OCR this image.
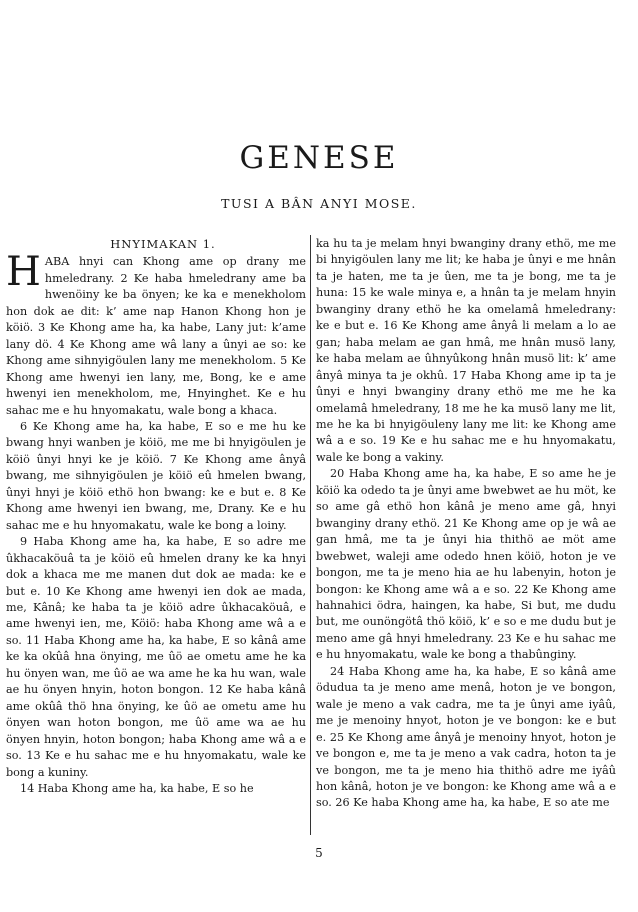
GENESE
TUSI A BÂN ANYI MOSE.
HNYIMAKAN 1.

HABA hnyi can Khong ame op drany me hmeledrany. 2 Ke haba hmeledrany ame ba hwenöiny ke ba önyen; ke ka e menekholom hon dok ae dit: k’ ame nap Hanon Khong hon je köiö. 3 Ke Khong ame ha, ka habe, Lany jut: k’ame lany dö. 4 Ke Khong ame wâ lany a ûnyi ae so: ke Khong ame sihnyigöulen lany me menekholom. 5 Ke Khong ame hwenyi ien lany, me, Bong, ke e ame hwenyi ien menekholom, me, Hnyinghet. Ke e hu sahac me e hu hnyomakatu, wale bong a khaca.

6 Ke Khong ame ha, ka habe, E so e me hu ke bwang hnyi wanben je köiö, me me bi hnyigöulen je köiö ûnyi hnyi ke je köiö. 7 Ke Khong ame ânyâ bwang, me sihnyigöulen je köiö eû hmelen bwang, ûnyi hnyi je köiö ethö hon bwang: ke e but e. 8 Ke Khong ame hwenyi ien bwang, me, Drany. Ke e hu sahac me e hu hnyomakatu, wale ke bong a loiny.

9 Haba Khong ame ha, ka habe, E so adre me ûkhacaköuâ ta je köiö eû hmelen drany ke ka hnyi dok a khaca me me manen dut dok ae mada: ke e but e. 10 Ke Khong ame hwenyi ien dok ae mada, me, Kânâ; ke haba ta je köiö adre ûkhacaköuâ, e ame hwenyi ien, me, Köiö: haba Khong ame wâ a e so. 11 Haba Khong ame ha, ka habe, E so kânâ ame ke ka okûâ hna önying, me ûö ae ometu ame he ka hu önyen wan, me ûö ae wa ame he ka hu wan, wale ae hu önyen hnyin, hoton bongon. 12 Ke haba kânâ ame okûâ thö hna önying, ke ûö ae ometu ame hu önyen wan hoton bongon, me ûö ame wa ae hu önyen hnyin, hoton bongon; haba Khong ame wâ a e so. 13 Ke e hu sahac me e hu hnyomakatu, wale ke bong a kuniny.

14 Haba Khong ame ha, ka habe, E so he

ka hu ta je melam hnyi bwanginy drany ethö, me me bi hnyigöulen lany me lit; ke haba je ûnyi e me hnân ta je haten, me ta je ûen, me ta je bong, me ta je huna: 15 ke wale minya e, a hnân ta je melam hnyin bwanginy drany ethö he ka omelamâ hmeledrany: ke e but e. 16 Ke Khong ame ânyâ li melam a lo ae gan; haba melam ae gan hmâ, me hnân musö lany, ke haba melam ae ûhnyûkong hnân musö lit: k’ ame ânyâ minya ta je okhû. 17 Haba Khong ame ip ta je ûnyi e hnyi bwanginy drany ethö me me he ka omelamâ hmeledrany, 18 me he ka musö lany me lit, me he ka bi hnyigöuleny lany me lit: ke Khong ame wâ a e so. 19 Ke e hu sahac me e hu hnyomakatu, wale ke bong a vakiny.

20 Haba Khong ame ha, ka habe, E so ame he je köiö ka odedo ta je ûnyi ame bwebwet ae hu möt, ke so ame gâ ethö hon kânâ je meno ame gâ, hnyi bwanginy drany ethö. 21 Ke Khong ame op je wâ ae gan hmâ, me ta je ûnyi hia thithö ae möt ame bwebwet, waleji ame odedo hnen köiö, hoton je ve bongon, me ta je meno hia ae hu labenyin, hoton je bongon: ke Khong ame wâ a e so. 22 Ke Khong ame hahnahici ödra, haingen, ka habe, Si but, me dudu but, me ounöngötâ thö köiö, k’ e so e me dudu but je meno ame gâ hnyi hmeledrany. 23 Ke e hu sahac me e hu hnyomakatu, wale ke bong a thabûnginy.

24 Haba Khong ame ha, ka habe, E so kânâ ame ödudua ta je meno ame menâ, hoton je ve bongon, wale je meno a vak cadra, me ta je ûnyi ame iyâû, me je menoiny hnyot, hoton je ve bongon: ke e but e. 25 Ke Khong ame ânyâ je menoiny hnyot, hoton je ve bongon e, me ta je meno a vak cadra, hoton ta je ve bongon, me ta je meno hia thithö adre me iyâû hon kânâ, hoton je ve bongon: ke Khong ame wâ a e so. 26 Ke haba Khong ame ha, ka habe, E so ate me

5
